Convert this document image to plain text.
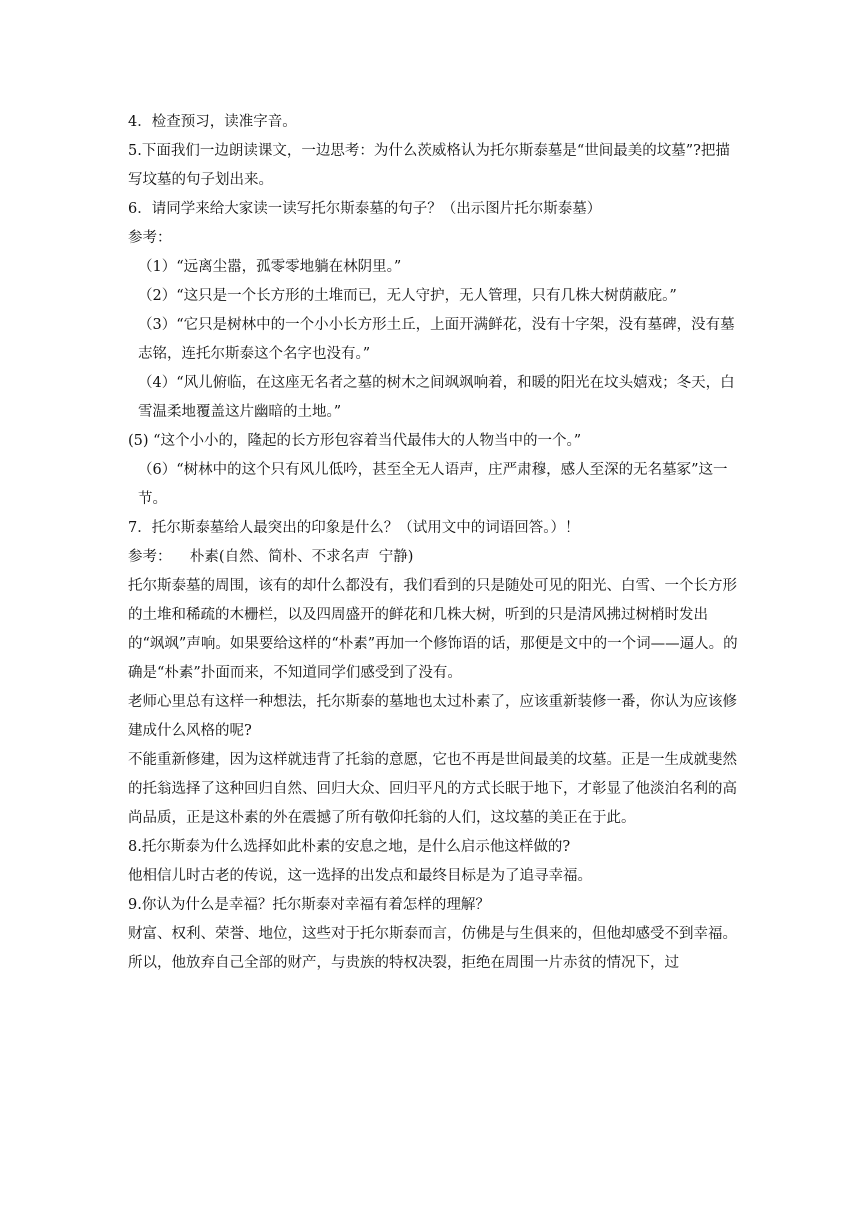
4．检查预习，读准字音。

5.下面我们一边朗读课文，一边思考：为什么茨威格认为托尔斯泰墓是“世间最美的坟墓”?把描写坟墓的句子划出来。

6．请同学来给大家读一读写托尔斯泰墓的句子？（出示图片托尔斯泰墓）

参考：

（1）“远离尘嚣，孤零零地躺在林阴里。”

（2）“这只是一个长方形的土堆而已，无人守护，无人管理，只有几株大树荫蔽庇。”

（3）“它只是树林中的一个小小长方形土丘，上面开满鲜花，没有十字架，没有墓碑，没有墓志铭，连托尔斯泰这个名字也没有。”

（4）“风儿俯临，在这座无名者之墓的树木之间飒飒响着，和暖的阳光在坟头嬉戏；冬天，白雪温柔地覆盖这片幽暗的土地。”

(5) “这个小小的，隆起的长方形包容着当代最伟大的人物当中的一个。”

（6）“树林中的这个只有风儿低吟，甚至全无人语声，庄严肃穆，感人至深的无名墓冢”这一节。

7．托尔斯泰墓给人最突出的印象是什么？（试用文中的词语回答。）！

参考：    朴素(自然、简朴、不求名声  宁静)

托尔斯泰墓的周围，该有的却什么都没有，我们看到的只是随处可见的阳光、白雪、一个长方形的土堆和稀疏的木栅栏，以及四周盛开的鲜花和几株大树，听到的只是清风拂过树梢时发出的“飒飒”声响。如果要给这样的“朴素”再加一个修饰语的话，那便是文中的一个词——逼人。的确是“朴素”扑面而来，不知道同学们感受到了没有。

老师心里总有这样一种想法，托尔斯泰的墓地也太过朴素了，应该重新装修一番，你认为应该修建成什么风格的呢?

不能重新修建，因为这样就违背了托翁的意愿，它也不再是世间最美的坟墓。正是一生成就斐然的托翁选择了这种回归自然、回归大众、回归平凡的方式长眠于地下，才彰显了他淡泊名利的高尚品质，正是这朴素的外在震撼了所有敬仰托翁的人们，这坟墓的美正在于此。

8.托尔斯泰为什么选择如此朴素的安息之地，是什么启示他这样做的?

他相信儿时古老的传说，这一选择的出发点和最终目标是为了追寻幸福。

9.你认为什么是幸福？托尔斯泰对幸福有着怎样的理解？

财富、权利、荣誉、地位，这些对于托尔斯泰而言，仿佛是与生俱来的，但他却感受不到幸福。所以，他放弃自己全部的财产，与贵族的特权决裂，拒绝在周围一片赤贫的情况下，过
